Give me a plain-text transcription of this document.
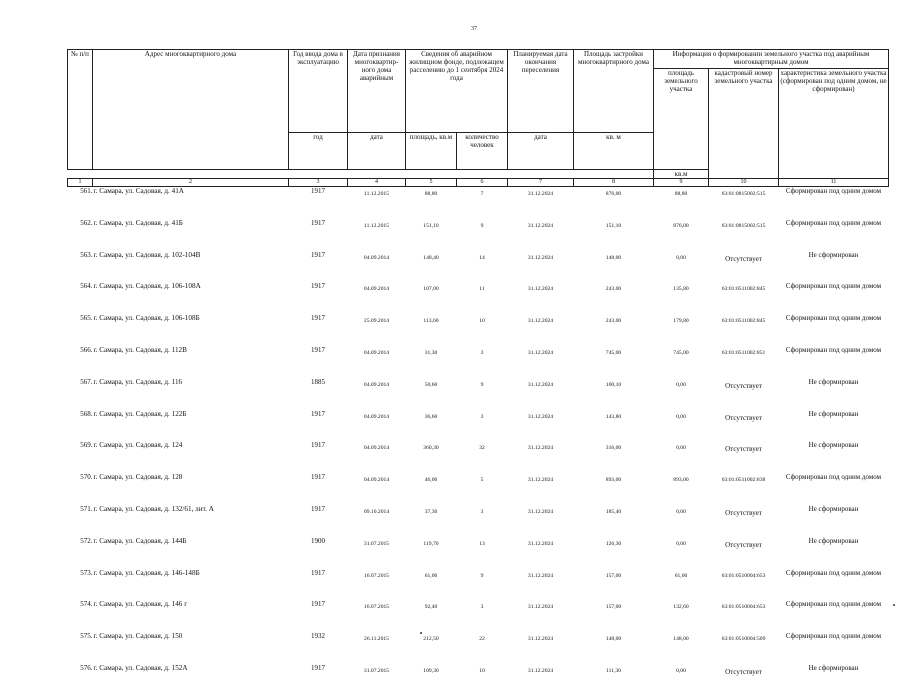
37
№ п/п	Адрес многоквартирного дома	Год ввода дома в эксплуатацию	Дата признания многоквартир-ного дома аварийным	Сведения об аварийном жилищном фонде, подлежащем расселению до 1 сентября 2024 года		Планируемая дата окончания переселения	Площадь застройки многоквартирного дома	Информация о формировании земельного участка под аварийным многоквартирным домом		
								площадь земельного участка	кадастровый номер земельного участка	характеристика земельного участка (сформирован под одним домом, не сформирован)
		год	дата	площадь, кв.м	количество человек	дата	кв. м			
								кв.м		
1	2	3	4	5	6	7	8	9	10	11
561.	г. Самара, ул. Садовая, д. 41А	1917	11.12.2015	88,80	7	31.12.2024	876,00	88,80	63:01:0815002:515	Сформирован под одним домом
562.	г. Самара, ул. Садовая, д. 41Б	1917	11.12.2015	151,10	9	31.12.2024	151,10	876,00	63:01:0815002:515	Сформирован под одним домом
563.	г. Самара, ул. Садовая, д. 102-104В	1917	04.09.2014	148,40	14	31.12.2024	148,00	0,00	Отсутствует	Не сформирован
564.	г. Самара, ул. Садовая, д. 106-108А	1917	04.09.2014	107,00	11	31.12.2024	243,00	135,80	63:01:0511002:845	Сформирован под одним домом
565.	г. Самара, ул. Садовая, д. 106-108Б	1917	25.09.2014	113,60	10	31.12.2024	243,00	179,80	63:01:0511002:845	Сформирован под одним домом
566.	г. Самара, ул. Садовая, д. 112В	1917	04.09.2014	31,30	3	31.12.2024	745,00	745,00	63:01:0511002:851	Сформирован под одним домом
567.	г. Самара, ул. Садовая, д. 116	1885	04.09.2014	50,60	9	31.12.2024	100,10	0,00	Отсутствует	Не сформирован
568.	г. Самара, ул. Садовая, д. 122Б	1917	04.09.2014	36,60	3	31.12.2024	143,80	0,00	Отсутствует	Не сформирован
569.	г. Самара, ул. Садовая, д. 124	1917	04.09.2014	360,30	32	31.12.2024	316,00	0,00	Отсутствует	Не сформирован
570.	г. Самара, ул. Садовая, д. 128	1917	04.09.2014	46,00	5	31.12.2024	893,00	893,00	63:01:0511002:838	Сформирован под одним домом
571.	г. Самара, ул. Садовая, д. 132/61, лит. А	1917	09.10.2014	37,30	3	31.12.2024	185,40	0,00	Отсутствует	Не сформирован
572.	г. Самара, ул. Садовая, д. 144Б	1900	31.07.2015	119,70	13	31.12.2024	126,30	0,00	Отсутствует	Не сформирован
573.	г. Самара, ул. Садовая, д. 146-148Б	1917	16.07.2015	61,00	9	31.12.2024	157,00	61,00	63:01:0510004:653	Сформирован под одним домом
574.	г. Самара, ул. Садовая, д. 146 г	1917	16.07.2015	92,40	3	31.12.2024	157,00	132,60	63:01:0510004:653	Сформирован под одним домом
575.	г. Самара, ул. Садовая, д. 150	1932	26.11.2015	212,50	22	31.12.2024	148,00	148,00	63:01:0510004:509	Сформирован под одним домом
576.	г. Самара, ул. Садовая, д. 152А	1917	31.07.2015	109,30	10	31.12.2024	111,30	0,00	Отсутствует	Не сформирован
